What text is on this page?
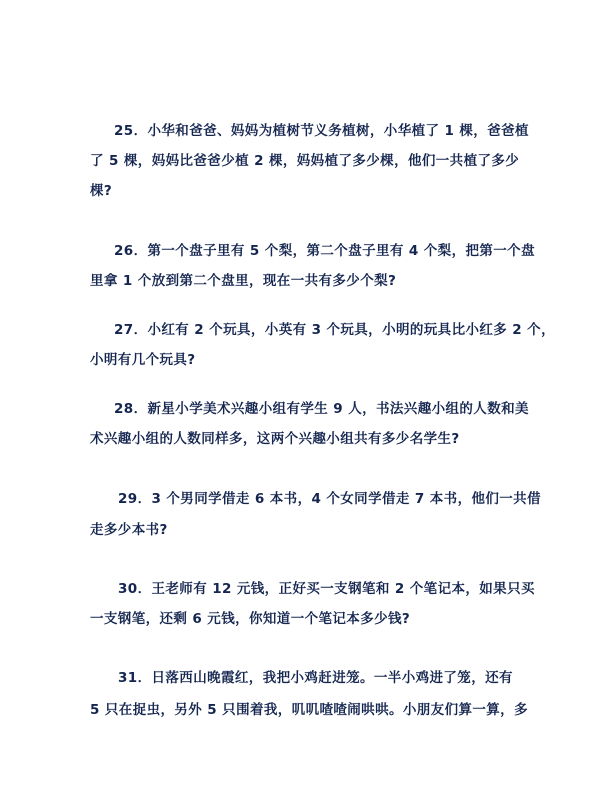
25．小华和爸爸、妈妈为植树节义务植树，小华植了 1 棵，爸爸植
了 5 棵，妈妈比爸爸少植 2 棵，妈妈植了多少棵，他们一共植了多少
棵?
26．第一个盘子里有 5 个梨，第二个盘子里有 4 个梨，把第一个盘
里拿 1 个放到第二个盘里，现在一共有多少个梨?
27．小红有 2 个玩具，小英有 3 个玩具，小明的玩具比小红多 2 个，
小明有几个玩具?
28．新星小学美术兴趣小组有学生 9 人，书法兴趣小组的人数和美
术兴趣小组的人数同样多，这两个兴趣小组共有多少名学生?
29．3 个男同学借走 6 本书，4 个女同学借走 7 本书，他们一共借
走多少本书?
30．王老师有 12 元钱，正好买一支钢笔和 2 个笔记本，如果只买
一支钢笔，还剩 6 元钱，你知道一个笔记本多少钱?
31．日落西山晚霞红，我把小鸡赶进笼。一半小鸡进了笼，还有
5 只在捉虫，另外 5 只围着我，叽叽喳喳闹哄哄。小朋友们算一算，多
